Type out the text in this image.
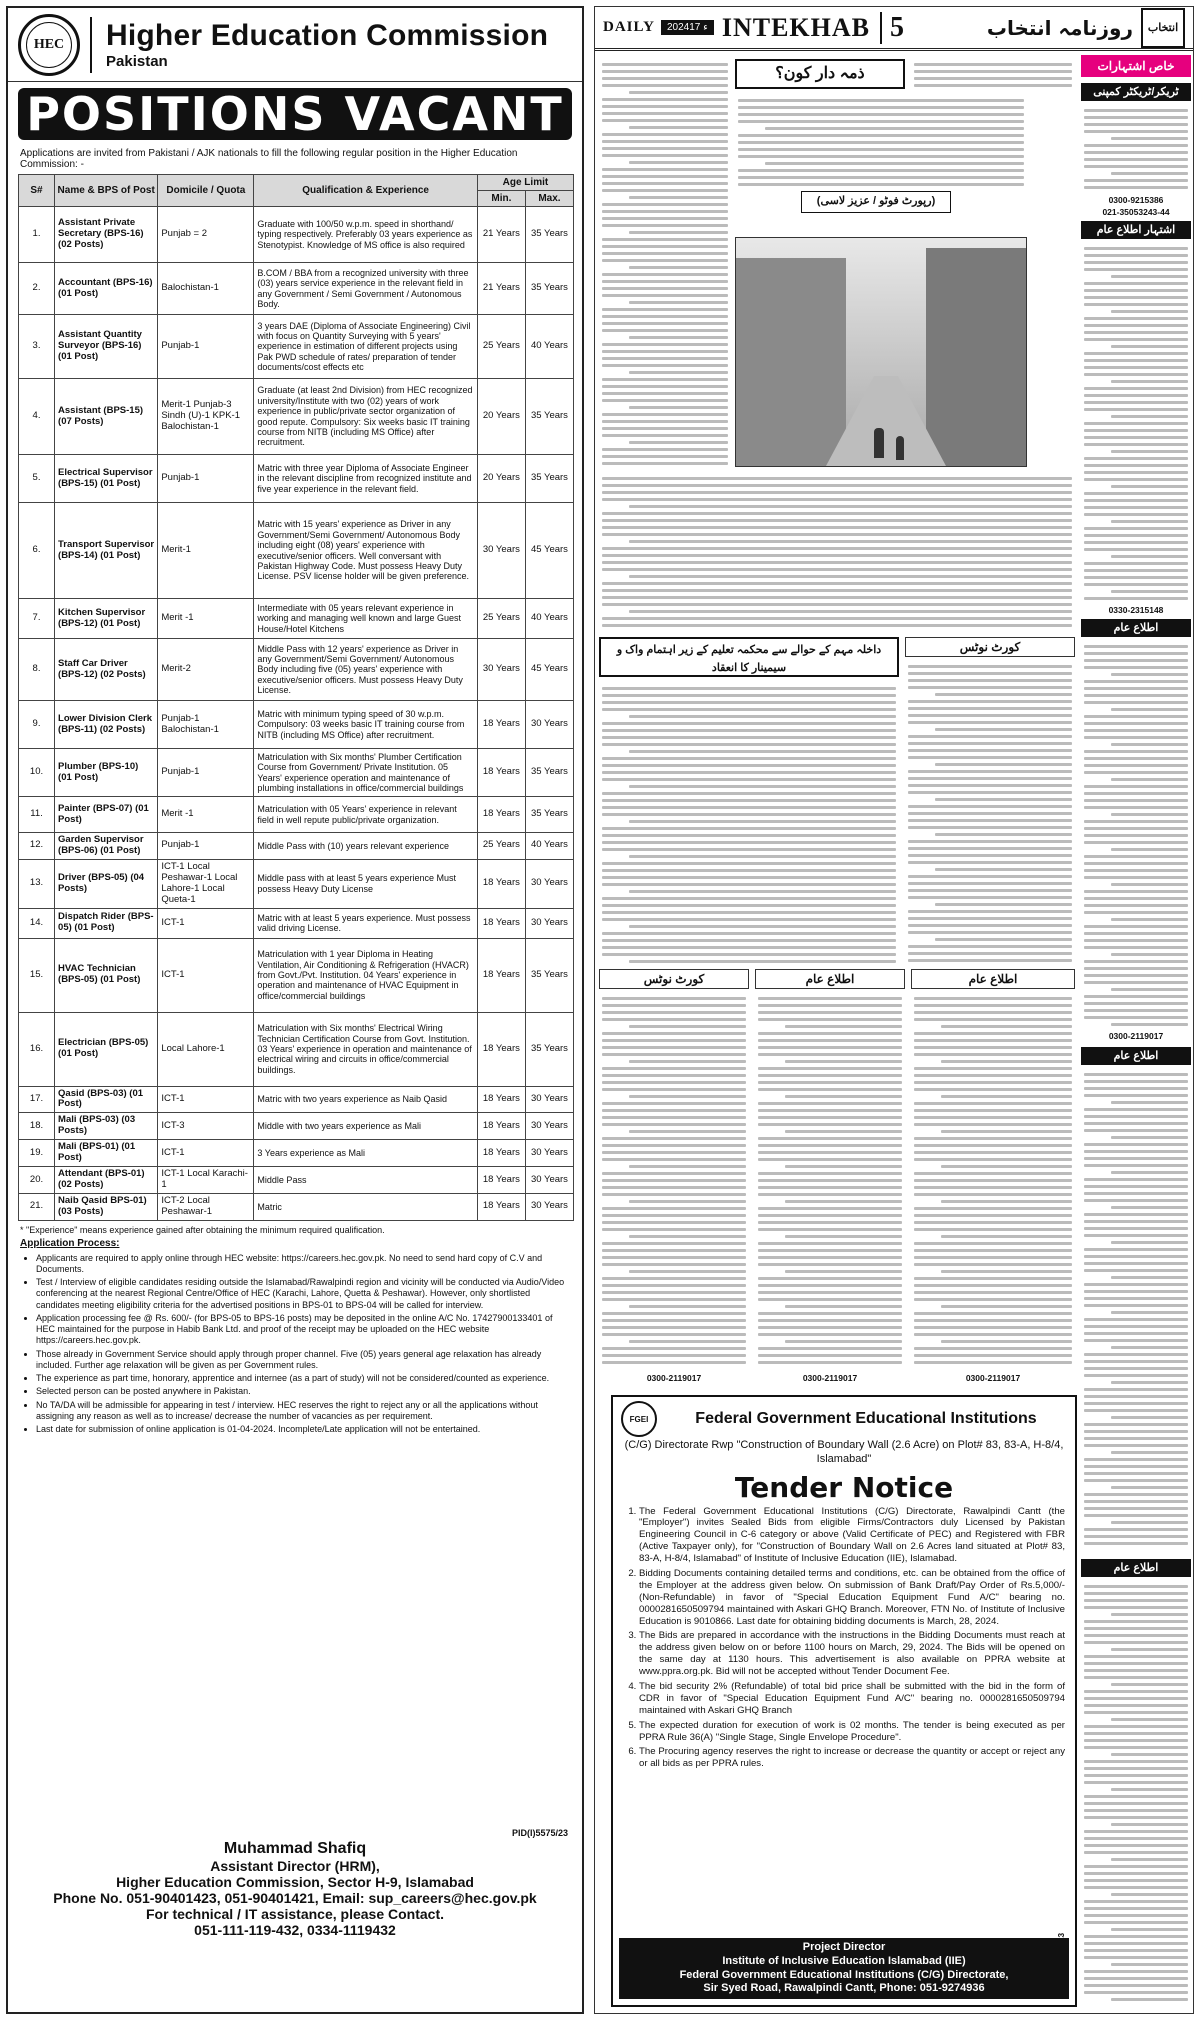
HEC Higher Education Commission
Pakistan
POSITIONS VACANT
Applications are invited from Pakistani / AJK nationals to fill the following regular position in the Higher Education Commission: -
S#	Name & BPS of Post	Domicile / Quota	Qualification & Experience	Age Limit	
				Min.	Max.
1.	Assistant Private Secretary (BPS-16) (02 Posts)	Punjab = 2	Graduate with 100/50 w.p.m. speed in shorthand/ typing respectively. Preferably 03 years experience as Stenotypist. Knowledge of MS office is also required	21 Years	35 Years
2.	Accountant (BPS-16) (01 Post)	Balochistan-1	B.COM / BBA from a recognized university with three (03) years service experience in the relevant field in any Government / Semi Government / Autonomous Body.	21 Years	35 Years
3.	Assistant Quantity Surveyor (BPS-16) (01 Post)	Punjab-1	3 years DAE (Diploma of Associate Engineering) Civil with focus on Quantity Surveying with 5 years' experience in estimation of different projects using Pak PWD schedule of rates/ preparation of tender documents/cost effects etc	25 Years	40 Years
4.	Assistant (BPS-15) (07 Posts)	Merit-1 Punjab-3 Sindh (U)-1 KPK-1 Balochistan-1	Graduate (at least 2nd Division) from HEC recognized university/Institute with two (02) years of work experience in public/private sector organization of good repute. Compulsory: Six weeks basic IT training course from NITB (including MS Office) after recruitment.	20 Years	35 Years
5.	Electrical Supervisor (BPS-15) (01 Post)	Punjab-1	Matric with three year Diploma of Associate Engineer in the relevant discipline from recognized institute and five year experience in the relevant field.	20 Years	35 Years
6.	Transport Supervisor (BPS-14) (01 Post)	Merit-1	Matric with 15 years' experience as Driver in any Government/Semi Government/ Autonomous Body including eight (08) years' experience with executive/senior officers. Well conversant with Pakistan Highway Code. Must possess Heavy Duty License. PSV license holder will be given preference.	30 Years	45 Years
7.	Kitchen Supervisor (BPS-12) (01 Post)	Merit -1	Intermediate with 05 years relevant experience in working and managing well known and large Guest House/Hotel Kitchens	25 Years	40 Years
8.	Staff Car Driver (BPS-12) (02 Posts)	Merit-2	Middle Pass with 12 years' experience as Driver in any Government/Semi Government/ Autonomous Body including five (05) years' experience with executive/senior officers. Must possess Heavy Duty License.	30 Years	45 Years
9.	Lower Division Clerk (BPS-11) (02 Posts)	Punjab-1 Balochistan-1	Matric with minimum typing speed of 30 w.p.m. Compulsory: 03 weeks basic IT training course from NITB (including MS Office) after recruitment.	18 Years	30 Years
10.	Plumber (BPS-10) (01 Post)	Punjab-1	Matriculation with Six months' Plumber Certification Course from Government/ Private Institution. 05 Years' experience operation and maintenance of plumbing installations in office/commercial buildings	18 Years	35 Years
11.	Painter (BPS-07) (01 Post)	Merit -1	Matriculation with 05 Years' experience in relevant field in well repute public/private organization.	18 Years	35 Years
12.	Garden Supervisor (BPS-06) (01 Post)	Punjab-1	Middle Pass with (10) years relevant experience	25 Years	40 Years
13.	Driver (BPS-05) (04 Posts)	ICT-1 Local Peshawar-1 Local Lahore-1 Local Queta-1	Middle pass with at least 5 years experience Must possess Heavy Duty License	18 Years	30 Years
14.	Dispatch Rider (BPS-05) (01 Post)	ICT-1	Matric with at least 5 years experience. Must possess valid driving License.	18 Years	30 Years
15.	HVAC Technician (BPS-05) (01 Post)	ICT-1	Matriculation with 1 year Diploma in Heating Ventilation, Air Conditioning & Refrigeration (HVACR) from Govt./Pvt. Institution. 04 Years' experience in operation and maintenance of HVAC Equipment in office/commercial buildings	18 Years	35 Years
16.	Electrician (BPS-05) (01 Post)	Local Lahore-1	Matriculation with Six months' Electrical Wiring Technician Certification Course from Govt. Institution. 03 Years' experience in operation and maintenance of electrical wiring and circuits in office/commercial buildings.	18 Years	35 Years
17.	Qasid (BPS-03) (01 Post)	ICT-1	Matric with two years experience as Naib Qasid	18 Years	30 Years
18.	Mali (BPS-03) (03 Posts)	ICT-3	Middle with two years experience as Mali	18 Years	30 Years
19.	Mali (BPS-01) (01 Post)	ICT-1	3 Years experience as Mali	18 Years	30 Years
20.	Attendant (BPS-01) (02 Posts)	ICT-1 Local Karachi-1	Middle Pass	18 Years	30 Years
21.	Naib Qasid BPS-01) (03 Posts)	ICT-2 Local Peshawar-1	Matric	18 Years	30 Years
* "Experience" means experience gained after obtaining the minimum required qualification.
Application Process:
• Applicants are required to apply online through HEC website: https://careers.hec.gov.pk. No need to send hard copy of C.V and Documents.
• Test / Interview of eligible candidates residing outside the Islamabad/Rawalpindi region and vicinity will be conducted via Audio/Video conferencing at the nearest Regional Centre/Office of HEC (Karachi, Lahore, Quetta & Peshawar). However, only shortlisted candidates meeting eligibility criteria for the advertised positions in BPS-01 to BPS-04 will be called for interview.
• Application processing fee @ Rs. 600/- (for BPS-05 to BPS-16 posts) may be deposited in the online A/C No. 17427900133401 of HEC maintained for the purpose in Habib Bank Ltd. and proof of the receipt may be uploaded on the HEC website https://careers.hec.gov.pk.
• Those already in Government Service should apply through proper channel. Five (05) years general age relaxation has already included. Further age relaxation will be given as per Government rules.
• The experience as part time, honorary, apprentice and internee (as a part of study) will not be considered/counted as experience.
• Selected person can be posted anywhere in Pakistan.
• No TA/DA will be admissible for appearing in test / interview. HEC reserves the right to reject any or all the applications without assigning any reason as well as to increase/ decrease the number of vacancies as per requirement.
• Last date for submission of online application is 01-04-2024. Incomplete/Late application will not be entertained.
PID(I)5575/23
Muhammad Shafiq
Assistant Director (HRM),
Higher Education Commission, Sector H-9, Islamabad
Phone No. 051-90401423, 051-90401421, Email: sup_careers@hec.gov.pk
For technical / IT assistance, please Contact.
051-111-119-432, 0334-1119432
DAILY	2024ء 17 INTEKHAB 5	روزنامہ انتخاب انتخاب
ذمہ دار کون؟
(رپورٹ فوٹو / عزیز لاسی)
داخلہ مہم کے حوالے سے محکمہ تعلیم کے زیر اہتمام واک و سیمینار کا انعقاد
کورٹ نوٹس
کورٹ نوٹس	اطلاع عام	اطلاع عام
0300-2119017	0300-2119017	0300-2119017
خاص اشتہارات
ٹریکر/ٹریکٹر کمپنی
0300-9215386
021-35053243-44
اشتہار اطلاع عام
0330-2315148
اطلاع عام
0300-2119017
اطلاع عام
اطلاع عام
FGEI	Federal Government Educational Institutions
(C/G) Directorate Rwp "Construction of Boundary Wall (2.6 Acre) on Plot# 83, 83-A, H-8/4, Islamabad"
Tender Notice
1. The Federal Government Educational Institutions (C/G) Directorate, Rawalpindi Cantt (the "Employer") invites Sealed Bids from eligible Firms/Contractors duly Licensed by Pakistan Engineering Council in C-6 category or above (Valid Certificate of PEC) and Registered with FBR (Active Taxpayer only), for "Construction of Boundary Wall on 2.6 Acres land situated at Plot# 83, 83-A, H-8/4, Islamabad" of Institute of Inclusive Education (IIE), Islamabad.
2. Bidding Documents containing detailed terms and conditions, etc. can be obtained from the office of the Employer at the address given below. On submission of Bank Draft/Pay Order of Rs.5,000/- (Non-Refundable) in favor of "Special Education Equipment Fund A/C" bearing no. 0000281650509794 maintained with Askari GHQ Branch. Moreover, FTN No. of Institute of Inclusive Education is 9010866. Last date for obtaining bidding documents is March, 28, 2024.
3. The Bids are prepared in accordance with the instructions in the Bidding Documents must reach at the address given below on or before 1100 hours on March, 29, 2024. The Bids will be opened on the same day at 1130 hours. This advertisement is also available on PPRA website at www.ppra.org.pk. Bid will not be accepted without Tender Document Fee.
4. The bid security 2% (Refundable) of total bid price shall be submitted with the bid in the form of CDR in favor of "Special Education Equipment Fund A/C" bearing no. 0000281650509794 maintained with Askari GHQ Branch
5. The expected duration for execution of work is 02 months. The tender is being executed as per PPRA Rule 36(A) "Single Stage, Single Envelope Procedure".
6. The Procuring agency reserves the right to increase or decrease the quantity or accept or reject any or all bids as per PPRA rules.
Project Director
Institute of Inclusive Education Islamabad (IIE)
Federal Government Educational Institutions (C/G) Directorate,
Sir Syed Road, Rawalpindi Cantt, Phone: 051-9274936
